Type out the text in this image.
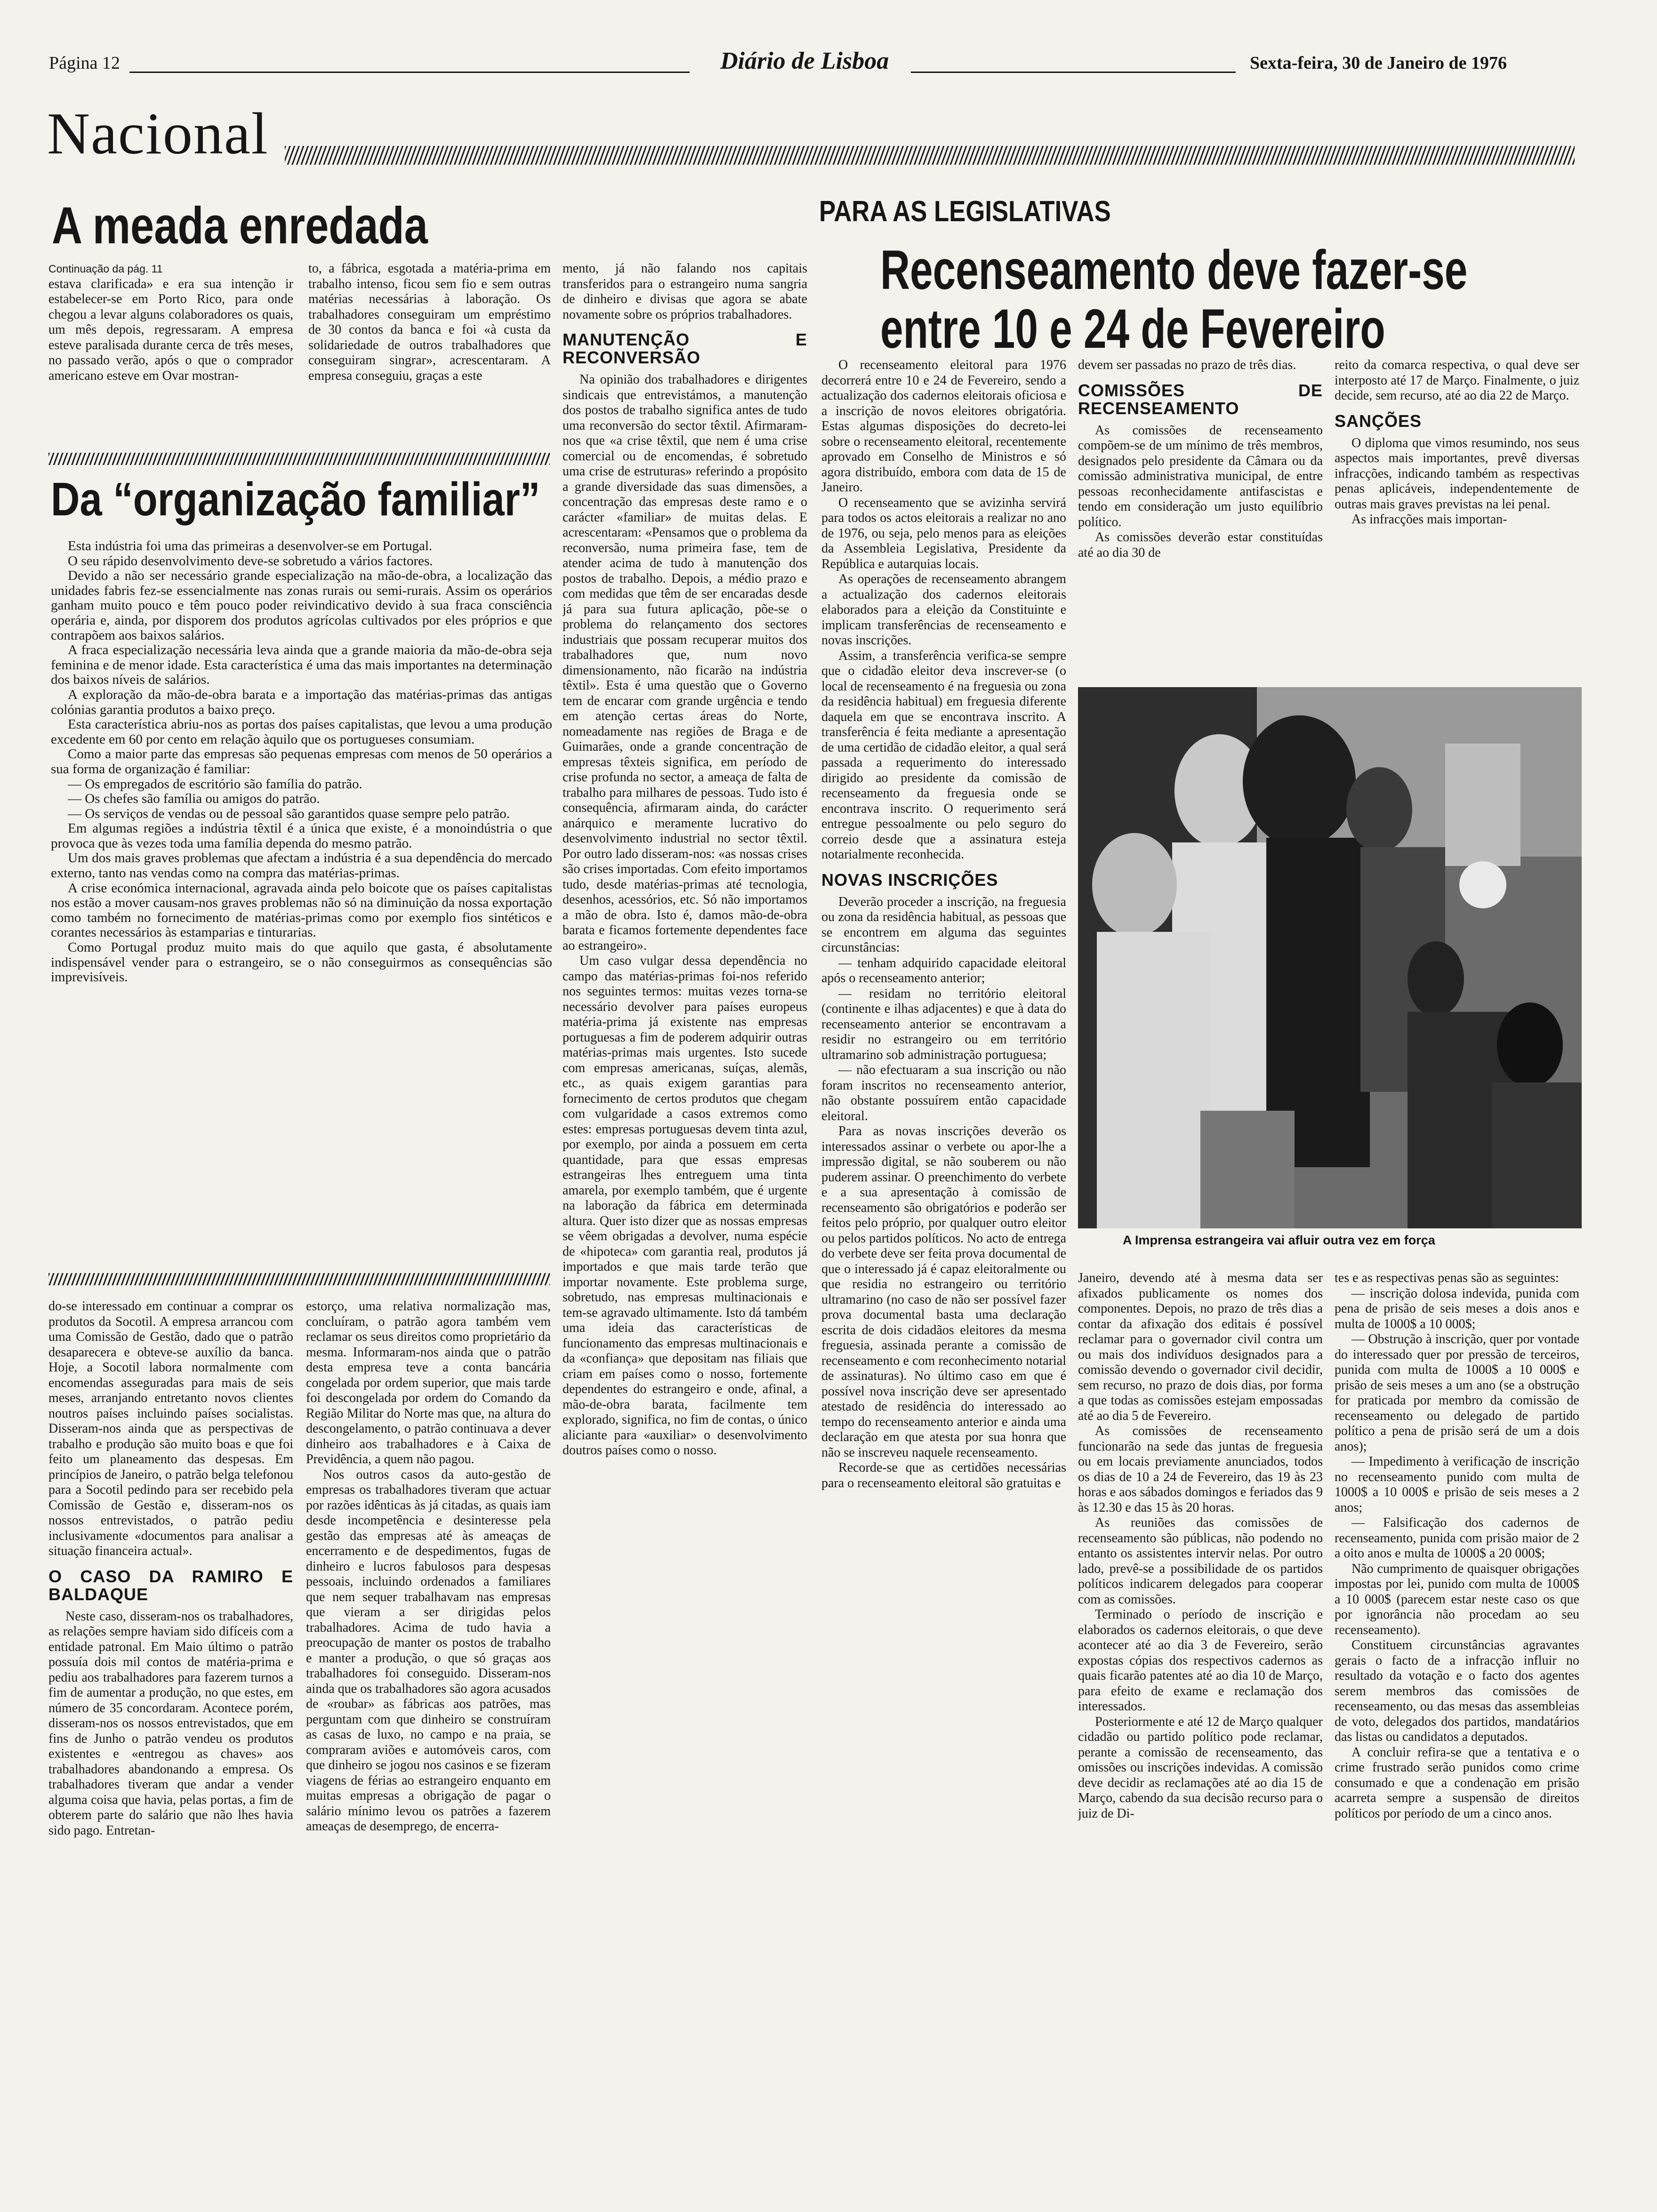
Página 12	Diário de Lisboa	Sexta-feira, 30 de Janeiro de 1976
Nacional
A meada enredada

Continuação da pág. 11

estava clarificada» e era sua intenção ir estabelecer-se em Porto Rico, para onde chegou a levar alguns colaboradores os quais, um mês depois, regressaram. A empresa esteve paralisada durante cerca de três meses, no passado verão, após o que o comprador americano esteve em Ovar mostran-

to, a fábrica, esgotada a matéria-prima em trabalho intenso, ficou sem fio e sem outras matérias necessárias à laboração. Os trabalhadores conseguiram um empréstimo de 30 contos da banca e foi «à custa da solidariedade de outros trabalhadores que conseguiram singrar», acrescentaram. A empresa conseguiu, graças a este

Da “organização familiar”

Esta indústria foi uma das primeiras a desenvolver-se em Portugal.

O seu rápido desenvolvimento deve-se sobretudo a vários factores.

Devido a não ser necessário grande especialização na mão-de-obra, a localização das unidades fabris fez-se essencialmente nas zonas rurais ou semi-rurais. Assim os operários ganham muito pouco e têm pouco poder reivindicativo devido à sua fraca consciência operária e, ainda, por disporem dos produtos agrícolas cultivados por eles próprios e que contrapõem aos baixos salários.

A fraca especialização necessária leva ainda que a grande maioria da mão-de-obra seja feminina e de menor idade. Esta característica é uma das mais importantes na determinação dos baixos níveis de salários.

A exploração da mão-de-obra barata e a importação das matérias-primas das antigas colónias garantia produtos a baixo preço.

Esta característica abriu-nos as portas dos países capitalistas, que levou a uma produção excedente em 60 por cento em relação àquilo que os portugueses consumiam.

Como a maior parte das empresas são pequenas empresas com menos de 50 operários a sua forma de organização é familiar:

— Os empregados de escritório são família do patrão.

— Os chefes são família ou amigos do patrão.

— Os serviços de vendas ou de pessoal são garantidos quase sempre pelo patrão.

Em algumas regiões a indústria têxtil é a única que existe, é a monoindústria o que provoca que às vezes toda uma família dependa do mesmo patrão.

Um dos mais graves problemas que afectam a indústria é a sua dependência do mercado externo, tanto nas vendas como na compra das matérias-primas.

A crise económica internacional, agravada ainda pelo boicote que os países capitalistas nos estão a mover causam-nos graves problemas não só na diminuição da nossa exportação como também no fornecimento de matérias-primas como por exemplo fios sintéticos e corantes necessários às estamparias e tinturarias.

Como Portugal produz muito mais do que aquilo que gasta, é absolutamente indispensável vender para o estrangeiro, se o não conseguirmos as consequências são imprevisíveis.

do-se interessado em continuar a comprar os produtos da Socotil. A empresa arrancou com uma Comissão de Gestão, dado que o patrão desaparecera e obteve-se auxílio da banca. Hoje, a Socotil labora normalmente com encomendas asseguradas para mais de seis meses, arranjando entretanto novos clientes noutros países incluindo países socialistas. Disseram-nos ainda que as perspectivas de trabalho e produção são muito boas e que foi feito um planeamento das despesas. Em princípios de Janeiro, o patrão belga telefonou para a Socotil pedindo para ser recebido pela Comissão de Gestão e, disseram-nos os nossos entrevistados, o patrão pediu inclusivamente «documentos para analisar a situação financeira actual».

O CASO DA RAMIRO E BALDAQUE

Neste caso, disseram-nos os trabalhadores, as relações sempre haviam sido difíceis com a entidade patronal. Em Maio último o patrão possuía dois mil contos de matéria-prima e pediu aos trabalhadores para fazerem turnos a fim de aumentar a produção, no que estes, em número de 35 concordaram. Acontece porém, disseram-nos os nossos entrevistados, que em fins de Junho o patrão vendeu os produtos existentes e «entregou as chaves» aos trabalhadores abandonando a empresa. Os trabalhadores tiveram que andar a vender alguma coisa que havia, pelas portas, a fim de obterem parte do salário que não lhes havia sido pago. Entretan-

estorço, uma relativa normalização mas, concluíram, o patrão agora também vem reclamar os seus direitos como proprietário da mesma. Informaram-nos ainda que o patrão desta empresa teve a conta bancária congelada por ordem superior, que mais tarde foi descongelada por ordem do Comando da Região Militar do Norte mas que, na altura do descongelamento, o patrão continuava a dever dinheiro aos trabalhadores e à Caixa de Previdência, a quem não pagou.

Nos outros casos da auto-gestão de empresas os trabalhadores tiveram que actuar por razões idênticas às já citadas, as quais iam desde incompetência e desinteresse pela gestão das empresas até às ameaças de encerramento e de despedimentos, fugas de dinheiro e lucros fabulosos para despesas pessoais, incluindo ordenados a familiares que nem sequer trabalhavam nas empresas que vieram a ser dirigidas pelos trabalhadores. Acima de tudo havia a preocupação de manter os postos de trabalho e manter a produção, o que só graças aos trabalhadores foi conseguido. Disseram-nos ainda que os trabalhadores são agora acusados de «roubar» as fábricas aos patrões, mas perguntam com que dinheiro se construíram as casas de luxo, no campo e na praia, se compraram aviões e automóveis caros, com que dinheiro se jogou nos casinos e se fizeram viagens de férias ao estrangeiro enquanto em muitas empresas a obrigação de pagar o salário mínimo levou os patrões a fazerem ameaças de desemprego, de encerra-

mento, já não falando nos capitais transferidos para o estrangeiro numa sangria de dinheiro e divisas que agora se abate novamente sobre os próprios trabalhadores.

MANUTENÇÃO E RECONVERSÃO

Na opinião dos trabalhadores e dirigentes sindicais que entrevistámos, a manutenção dos postos de trabalho significa antes de tudo uma reconversão do sector têxtil. Afirmaram-nos que «a crise têxtil, que nem é uma crise comercial ou de encomendas, é sobretudo uma crise de estruturas» referindo a propósito a grande diversidade das suas dimensões, a concentração das empresas deste ramo e o carácter «familiar» de muitas delas. E acrescentaram: «Pensamos que o problema da reconversão, numa primeira fase, tem de atender acima de tudo à manutenção dos postos de trabalho. Depois, a médio prazo e com medidas que têm de ser encaradas desde já para sua futura aplicação, põe-se o problema do relançamento dos sectores industriais que possam recuperar muitos dos trabalhadores que, num novo dimensionamento, não ficarão na indústria têxtil». Esta é uma questão que o Governo tem de encarar com grande urgência e tendo em atenção certas áreas do Norte, nomeadamente nas regiões de Braga e de Guimarães, onde a grande concentração de empresas têxteis significa, em período de crise profunda no sector, a ameaça de falta de trabalho para milhares de pessoas. Tudo isto é consequência, afirmaram ainda, do carácter anárquico e meramente lucrativo do desenvolvimento industrial no sector têxtil. Por outro lado disseram-nos: «as nossas crises são crises importadas. Com efeito importamos tudo, desde matérias-primas até tecnologia, desenhos, acessórios, etc. Só não importamos a mão de obra. Isto é, damos mão-de-obra barata e ficamos fortemente dependentes face ao estrangeiro».

Um caso vulgar dessa dependência no campo das matérias-primas foi-nos referido nos seguintes termos: muitas vezes torna-se necessário devolver para países europeus matéria-prima já existente nas empresas portuguesas a fim de poderem adquirir outras matérias-primas mais urgentes. Isto sucede com empresas americanas, suíças, alemãs, etc., as quais exigem garantias para fornecimento de certos produtos que chegam com vulgaridade a casos extremos como estes: empresas portuguesas devem tinta azul, por exemplo, por ainda a possuem em certa quantidade, para que essas empresas estrangeiras lhes entreguem uma tinta amarela, por exemplo também, que é urgente na laboração da fábrica em determinada altura. Quer isto dizer que as nossas empresas se vêem obrigadas a devolver, numa espécie de «hipoteca» com garantia real, produtos já importados e que mais tarde terão que importar novamente. Este problema surge, sobretudo, nas empresas multinacionais e tem-se agravado ultimamente. Isto dá também uma ideia das características de funcionamento das empresas multinacionais e da «confiança» que depositam nas filiais que criam em países como o nosso, fortemente dependentes do estrangeiro e onde, afinal, a mão-de-obra barata, facilmente tem explorado, significa, no fim de contas, o único aliciante para «auxiliar» o desenvolvimento doutros países como o nosso.

PARA AS LEGISLATIVAS
Recenseamento deve fazer-se
entre 10 e 24 de Fevereiro

O recenseamento eleitoral para 1976 decorrerá entre 10 e 24 de Fevereiro, sendo a actualização dos cadernos eleitorais oficiosa e a inscrição de novos eleitores obrigatória. Estas algumas disposições do decreto-lei sobre o recenseamento eleitoral, recentemente aprovado em Conselho de Ministros e só agora distribuído, embora com data de 15 de Janeiro.

O recenseamento que se avizinha servirá para todos os actos eleitorais a realizar no ano de 1976, ou seja, pelo menos para as eleições da Assembleia Legislativa, Presidente da República e autarquias locais.

As operações de recenseamento abrangem a actualização dos cadernos eleitorais elaborados para a eleição da Constituinte e implicam transferências de recenseamento e novas inscrições.

Assim, a transferência verifica-se sempre que o cidadão eleitor deva inscrever-se (o local de recenseamento é na freguesia ou zona da residência habitual) em freguesia diferente daquela em que se encontrava inscrito. A transferência é feita mediante a apresentação de uma certidão de cidadão eleitor, a qual será passada a requerimento do interessado dirigido ao presidente da comissão de recenseamento da freguesia onde se encontrava inscrito. O requerimento será entregue pessoalmente ou pelo seguro do correio desde que a assinatura esteja notarialmente reconhecida.

NOVAS INSCRIÇÕES

Deverão proceder a inscrição, na freguesia ou zona da residência habitual, as pessoas que se encontrem em alguma das seguintes circunstâncias:

— tenham adquirido capacidade eleitoral após o recenseamento anterior;

— residam no território eleitoral (continente e ilhas adjacentes) e que à data do recenseamento anterior se encontravam a residir no estrangeiro ou em território ultramarino sob administração portuguesa;

— não efectuaram a sua inscrição ou não foram inscritos no recenseamento anterior, não obstante possuírem então capacidade eleitoral.

Para as novas inscrições deverão os interessados assinar o verbete ou apor-lhe a impressão digital, se não souberem ou não puderem assinar. O preenchimento do verbete e a sua apresentação à comissão de recenseamento são obrigatórios e poderão ser feitos pelo próprio, por qualquer outro eleitor ou pelos partidos políticos. No acto de entrega do verbete deve ser feita prova documental de que o interessado já é capaz eleitoralmente ou que residia no estrangeiro ou território ultramarino (no caso de não ser possível fazer prova documental basta uma declaração escrita de dois cidadãos eleitores da mesma freguesia, assinada perante a comissão de recenseamento e com reconhecimento notarial de assinaturas). No último caso em que é possível nova inscrição deve ser apresentado atestado de residência do interessado ao tempo do recenseamento anterior e ainda uma declaração em que atesta por sua honra que não se inscreveu naquele recenseamento.

Recorde-se que as certidões necessárias para o recenseamento eleitoral são gratuitas e

devem ser passadas no prazo de três dias.

COMISSÕES DE RECENSEAMENTO

As comissões de recenseamento compõem-se de um mínimo de três membros, designados pelo presidente da Câmara ou da comissão administrativa municipal, de entre pessoas reconhecidamente antifascistas e tendo em consideração um justo equilíbrio político.

As comissões deverão estar constituídas até ao dia 30 de

reito da comarca respectiva, o qual deve ser interposto até 17 de Março. Finalmente, o juiz decide, sem recurso, até ao dia 22 de Março.

SANÇÕES

O diploma que vimos resumindo, nos seus aspectos mais importantes, prevê diversas infracções, indicando também as respectivas penas aplicáveis, independentemente de outras mais graves previstas na lei penal.

As infracções mais importan-

A Imprensa estrangeira vai afluir outra vez em força

Janeiro, devendo até à mesma data ser afixados publicamente os nomes dos componentes. Depois, no prazo de três dias a contar da afixação dos editais é possível reclamar para o governador civil contra um ou mais dos indivíduos designados para a comissão devendo o governador civil decidir, sem recurso, no prazo de dois dias, por forma a que todas as comissões estejam empossadas até ao dia 5 de Fevereiro.

As comissões de recenseamento funcionarão na sede das juntas de freguesia ou em locais previamente anunciados, todos os dias de 10 a 24 de Fevereiro, das 19 às 23 horas e aos sábados domingos e feriados das 9 às 12.30 e das 15 às 20 horas.

As reuniões das comissões de recenseamento são públicas, não podendo no entanto os assistentes intervir nelas. Por outro lado, prevê-se a possibilidade de os partidos políticos indicarem delegados para cooperar com as comissões.

Terminado o período de inscrição e elaborados os cadernos eleitorais, o que deve acontecer até ao dia 3 de Fevereiro, serão expostas cópias dos respectivos cadernos as quais ficarão patentes até ao dia 10 de Março, para efeito de exame e reclamação dos interessados.

Posteriormente e até 12 de Março qualquer cidadão ou partido político pode reclamar, perante a comissão de recenseamento, das omissões ou inscrições indevidas. A comissão deve decidir as reclamações até ao dia 15 de Março, cabendo da sua decisão recurso para o juiz de Di-

tes e as respectivas penas são as seguintes:

— inscrição dolosa indevida, punida com pena de prisão de seis meses a dois anos e multa de 1000$ a 10 000$;

— Obstrução à inscrição, quer por vontade do interessado quer por pressão de terceiros, punida com multa de 1000$ a 10 000$ e prisão de seis meses a um ano (se a obstrução for praticada por membro da comissão de recenseamento ou delegado de partido político a pena de prisão será de um a dois anos);

— Impedimento à verificação de inscrição no recenseamento punido com multa de 1000$ a 10 000$ e prisão de seis meses a 2 anos;

— Falsificação dos cadernos de recenseamento, punida com prisão maior de 2 a oito anos e multa de 1000$ a 20 000$;

Não cumprimento de quaisquer obrigações impostas por lei, punido com multa de 1000$ a 10 000$ (parecem estar neste caso os que por ignorância não procedam ao seu recenseamento).

Constituem circunstâncias agravantes gerais o facto de a infracção influir no resultado da votação e o facto dos agentes serem membros das comissões de recenseamento, ou das mesas das assembleias de voto, delegados dos partidos, mandatários das listas ou candidatos a deputados.

A concluir refira-se que a tentativa e o crime frustrado serão punidos como crime consumado e que a condenação em prisão acarreta sempre a suspensão de direitos políticos por período de um a cinco anos.
